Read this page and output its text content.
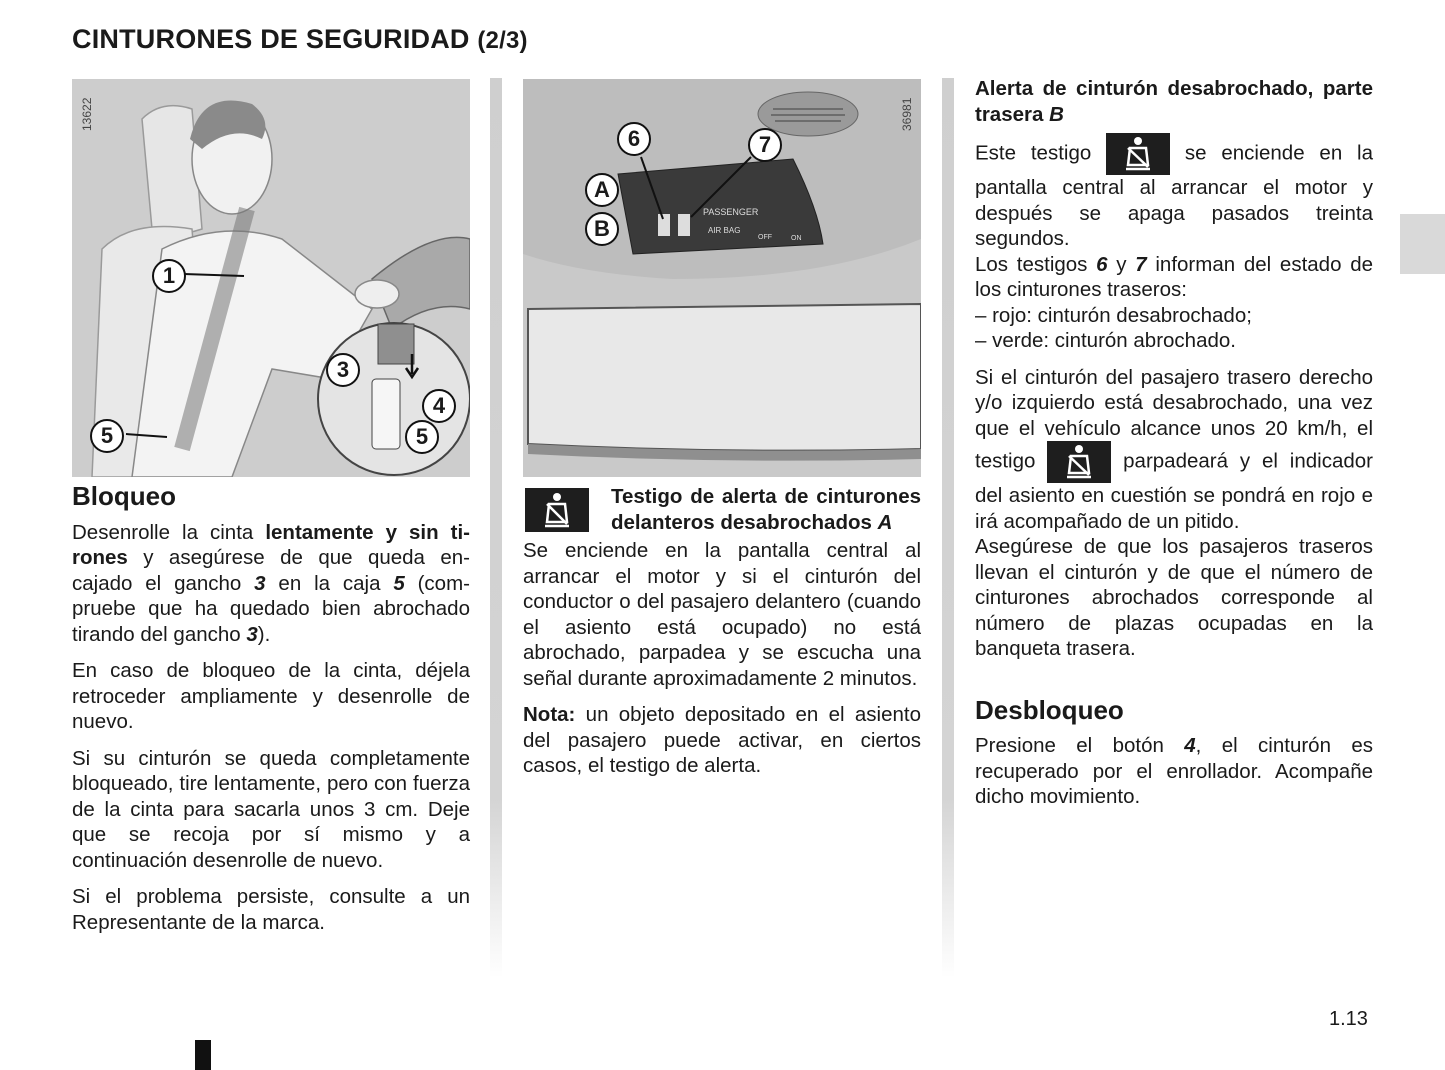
CINTURONES DE SEGURIDAD (2/3)
13622
1
3
4
5	5
PASSENGER
AIR BAG
OFF	ON
36981
6	7
A
B
Bloqueo

Desenrolle la cinta lentamente y sin ti-rones y asegúrese de que queda en-cajado el gancho 3 en la caja 5 (com-pruebe que ha quedado bien abrochado tirando del gancho 3).

En caso de bloqueo de la cinta, déjela retroceder ampliamente y desenrolle de nuevo.

Si su cinturón se queda completamente bloqueado, tire lentamente, pero con fuerza de la cinta para sacarla unos 3 cm. Deje que se recoja por sí mismo y a continuación desenrolle de nuevo.

Si el problema persiste, consulte a un Representante de la marca.

Testigo de alerta de cinturones delanteros desabrochados A

Se enciende en la pantalla central al arrancar el motor y si el cinturón del conductor o del pasajero delantero (cuando el asiento está ocupado) no está abrochado, parpadea y se escucha una señal durante aproximadamente 2 minutos.

Nota: un objeto depositado en el asiento del pasajero puede activar, en ciertos casos, el testigo de alerta.

Alerta de cinturón desabrochado, parte trasera B

Este testigo	se enciende en la pantalla central al arrancar el motor y después se apaga pasados treinta segundos.

Los testigos 6 y 7 informan del estado de los cinturones traseros:

– rojo: cinturón desabrochado;
– verde: cinturón abrochado.

Si el cinturón del pasajero trasero derecho y/o izquierdo está desabrochado, una vez que el vehículo alcance unos 20 km/h, el testigo	parpadeará y el indicador del asiento en cuestión se pondrá en rojo e irá acompañado de un pitido.

Asegúrese de que los pasajeros traseros llevan el cinturón y de que el número de cinturones abrochados corresponde al número de plazas ocupadas en la banqueta trasera.

Desbloqueo

Presione el botón 4, el cinturón es recuperado por el enrollador. Acompañe dicho movimiento.

1.13
